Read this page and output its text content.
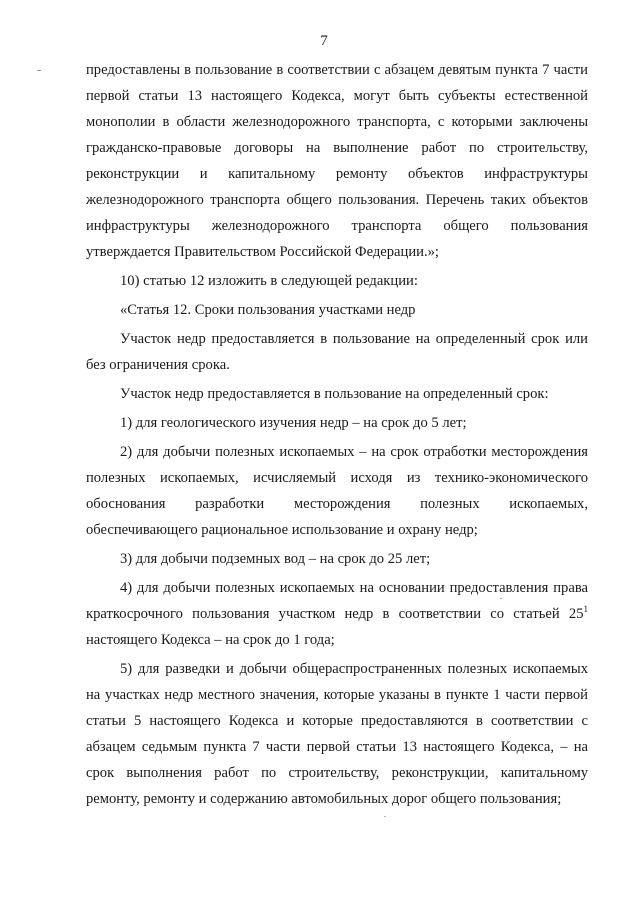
7

предоставлены в пользование в соответствии с абзацем девятым пункта 7 части первой статьи 13 настоящего Кодекса, могут быть субъекты естественной монополии в области железнодорожного транспорта, с которыми заключены гражданско-правовые договоры на выполнение работ по строительству, реконструкции и капитальному ремонту объектов инфраструктуры железнодорожного транспорта общего пользования. Перечень таких объектов инфраструктуры железнодорожного транспорта общего пользования утверждается Правительством Российской Федерации.»;

10) статью 12 изложить в следующей редакции:

«Статья 12. Сроки пользования участками недр

Участок недр предоставляется в пользование на определенный срок или без ограничения срока.

Участок недр предоставляется в пользование на определенный срок:

1) для геологического изучения недр – на срок до 5 лет;

2) для добычи полезных ископаемых – на срок отработки месторождения полезных ископаемых, исчисляемый исходя из технико-экономического обоснования разработки месторождения полезных ископаемых, обеспечивающего рациональное использование и охрану недр;

3) для добычи подземных вод – на срок до 25 лет;

4) для добычи полезных ископаемых на основании предоставления права краткосрочного пользования участком недр в соответствии со статьей $25^1$ настоящего Кодекса – на срок до 1 года;

5) для разведки и добычи общераспространенных полезных ископаемых на участках недр местного значения, которые указаны в пункте 1 части первой статьи 5 настоящего Кодекса и которые предоставляются в соответствии с абзацем седьмым пункта 7 части первой статьи 13 настоящего Кодекса, – на срок выполнения работ по строительству, реконструкции, капитальному ремонту, ремонту и содержанию автомобильных дорог общего пользования;
